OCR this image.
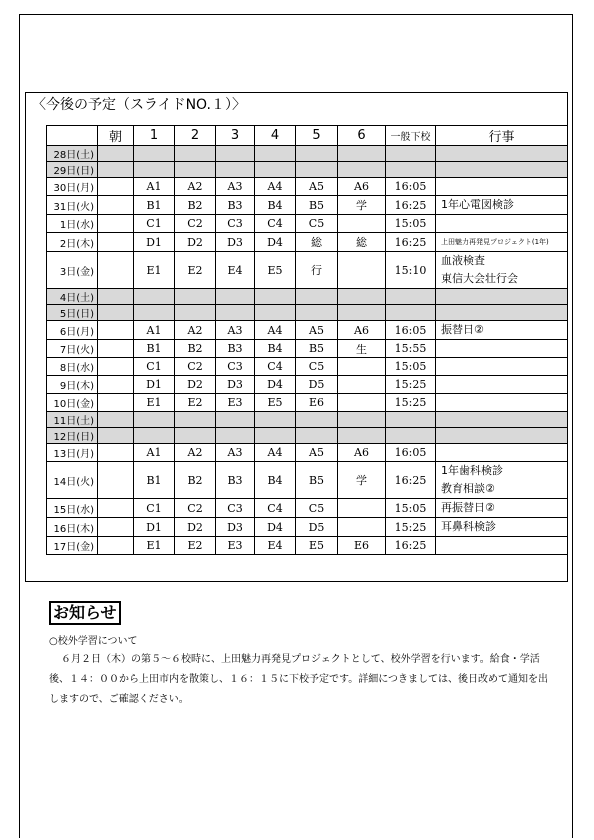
〈今後の予定（スライドNO.１）〉
	朝	1	2	3	4	5	6	一般下校	行事
28日(土)									
29日(日)									
30日(月)		A1	A2	A3	A4	A5	A6	16:05	
31日(火)		B1	B2	B3	B4	B5	学	16:25	1年心電図検診

1日(水)		C1	C2	C3	C4	C5		15:05	
2日(木)		D1	D2	D3	D4	総	総	16:25	上田魅力再発見プロジェクト(1年)

3日(金)		E1	E2	E4	E5	行		15:10	血液検査
東信大会壮行会

4日(土)									
5日(日)									
6日(月)		A1	A2	A3	A4	A5	A6	16:05	振替日②

7日(火)		B1	B2	B3	B4	B5	生	15:55	
8日(水)		C1	C2	C3	C4	C5		15:05	
9日(木)		D1	D2	D3	D4	D5		15:25	
10日(金)		E1	E2	E3	E5	E6		15:25	
11日(土)									
12日(日)									
13日(月)		A1	A2	A3	A4	A5	A6	16:05	
14日(火)		B1	B2	B3	B4	B5	学	16:25	1年歯科検診
教育相談②

15日(水)		C1	C2	C3	C4	C5		15:05	再振替日②

16日(木)		D1	D2	D3	D4	D5		15:25	耳鼻科検診

17日(金)		E1	E2	E3	E4	E5	E6	16:25	
お知らせ
○校外学習について
６月２日（木）の第５～６校時に、上田魅力再発見プロジェクトとして、校外学習を行います。給食・学活後、１４：００から上田市内を散策し、１６：１５に下校予定です。詳細につきましては、後日改めて通知を出しますので、ご確認ください。
